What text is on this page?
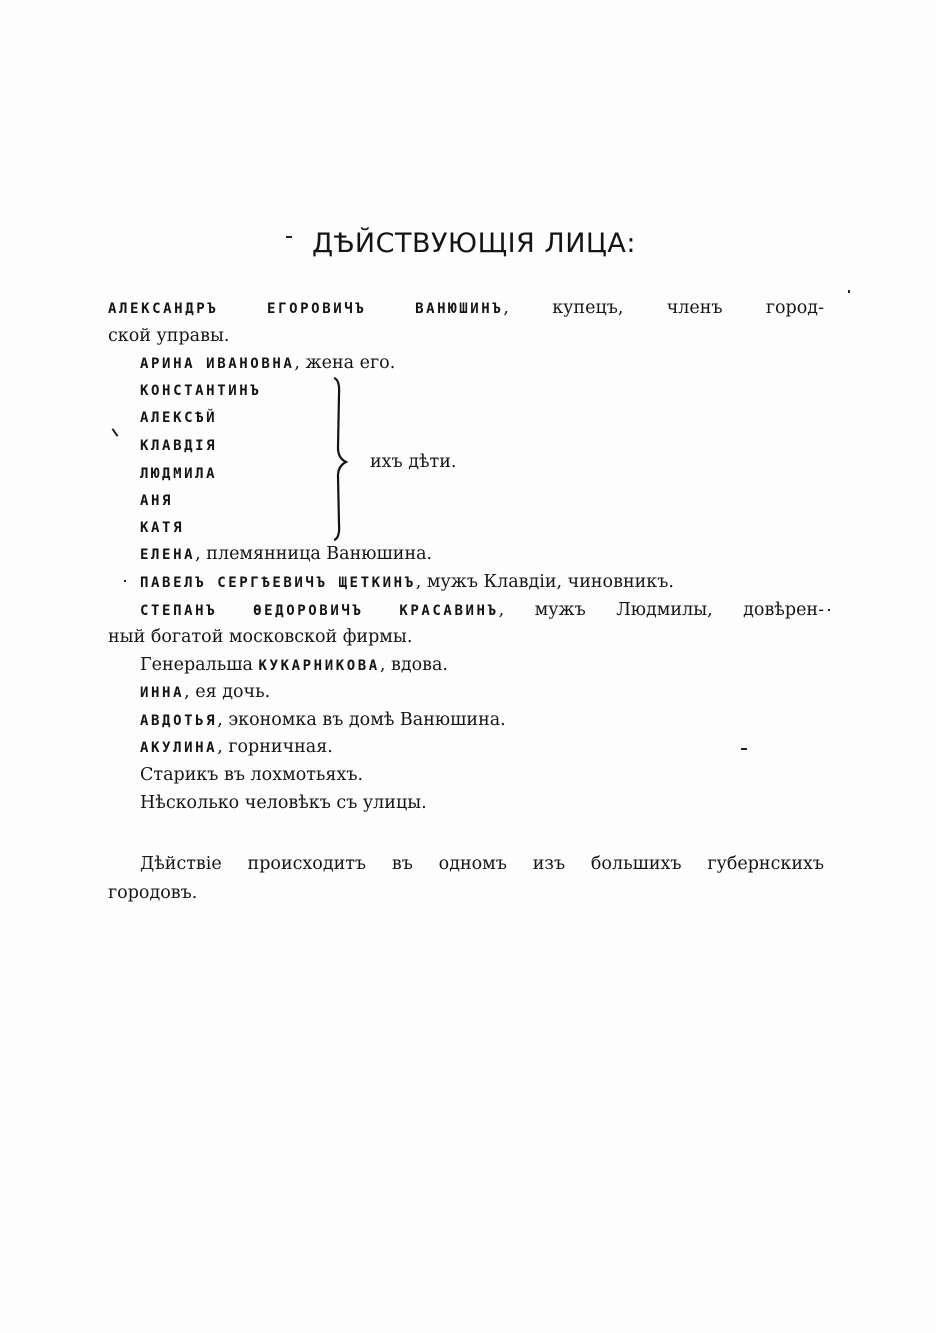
ДѢЙСТВУЮЩІЯ ЛИЦА:
АЛЕКСАНДРЪ ЕГОРОВИЧЪ ВАНЮШИНЪ, купецъ, членъ город-
ской управы.
АРИНА ИВАНОВНА, жена его.
КОНСТАНТИНЪ
АЛЕКСѢЙ
КЛАВДІЯ
ЛЮДМИЛА
АНЯ
КАТЯ
ихъ дѣти.
ЕЛЕНА, племянница Ванюшина.
ПАВЕЛЪ СЕРГѢЕВИЧЪ ЩЕТКИНЪ, мужъ Клавдіи, чиновникъ.
СТЕПАНЪ ѲЕДОРОВИЧЪ КРАСАВИНЪ, мужъ Людмилы, довѣрен-
ный богатой московской фирмы.
Генеральша КУКАРНИКОВА, вдова.
ИННА, ея дочь.
АВДОТЬЯ, экономка въ домѣ Ванюшина.
АКУЛИНА, горничная.
Старикъ въ лохмотьяхъ.
Нѣсколько человѣкъ съ улицы.
Дѣйствіе происходитъ въ одномъ изъ большихъ губернскихъ
городовъ.
